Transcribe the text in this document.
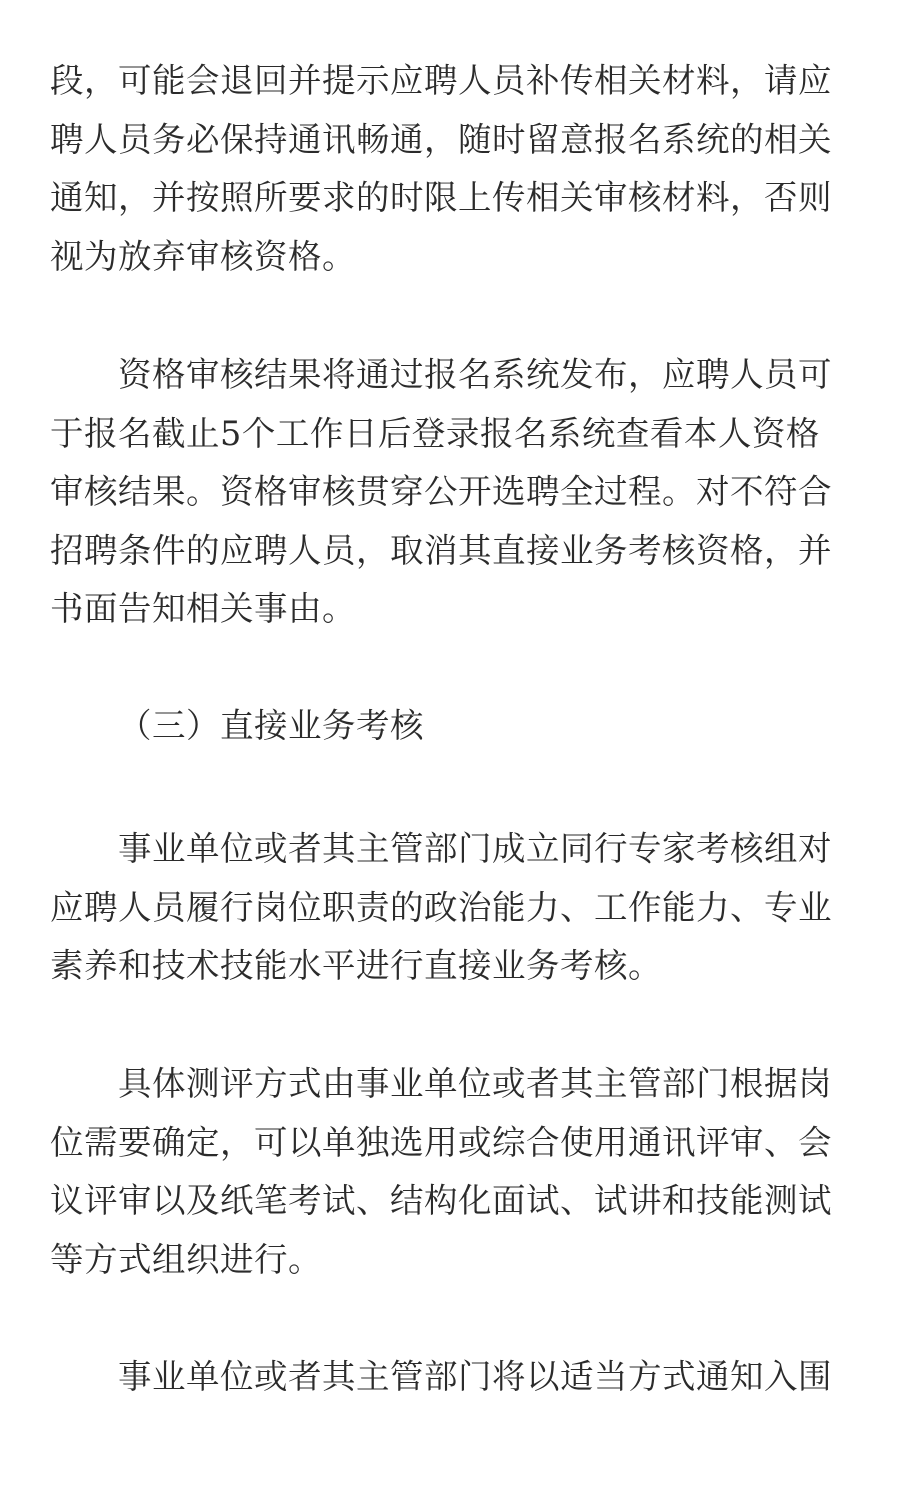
段，可能会退回并提示应聘人员补传相关材料，请应
聘人员务必保持通讯畅通，随时留意报名系统的相关
通知，并按照所要求的时限上传相关审核材料，否则
视为放弃审核资格。

资格审核结果将通过报名系统发布，应聘人员可
于报名截止5个工作日后登录报名系统查看本人资格
审核结果。资格审核贯穿公开选聘全过程。对不符合
招聘条件的应聘人员，取消其直接业务考核资格，并
书面告知相关事由。

（三）直接业务考核

事业单位或者其主管部门成立同行专家考核组对
应聘人员履行岗位职责的政治能力、工作能力、专业
素养和技术技能水平进行直接业务考核。

具体测评方式由事业单位或者其主管部门根据岗
位需要确定，可以单独选用或综合使用通讯评审、会
议评审以及纸笔考试、结构化面试、试讲和技能测试
等方式组织进行。

事业单位或者其主管部门将以适当方式通知入围
